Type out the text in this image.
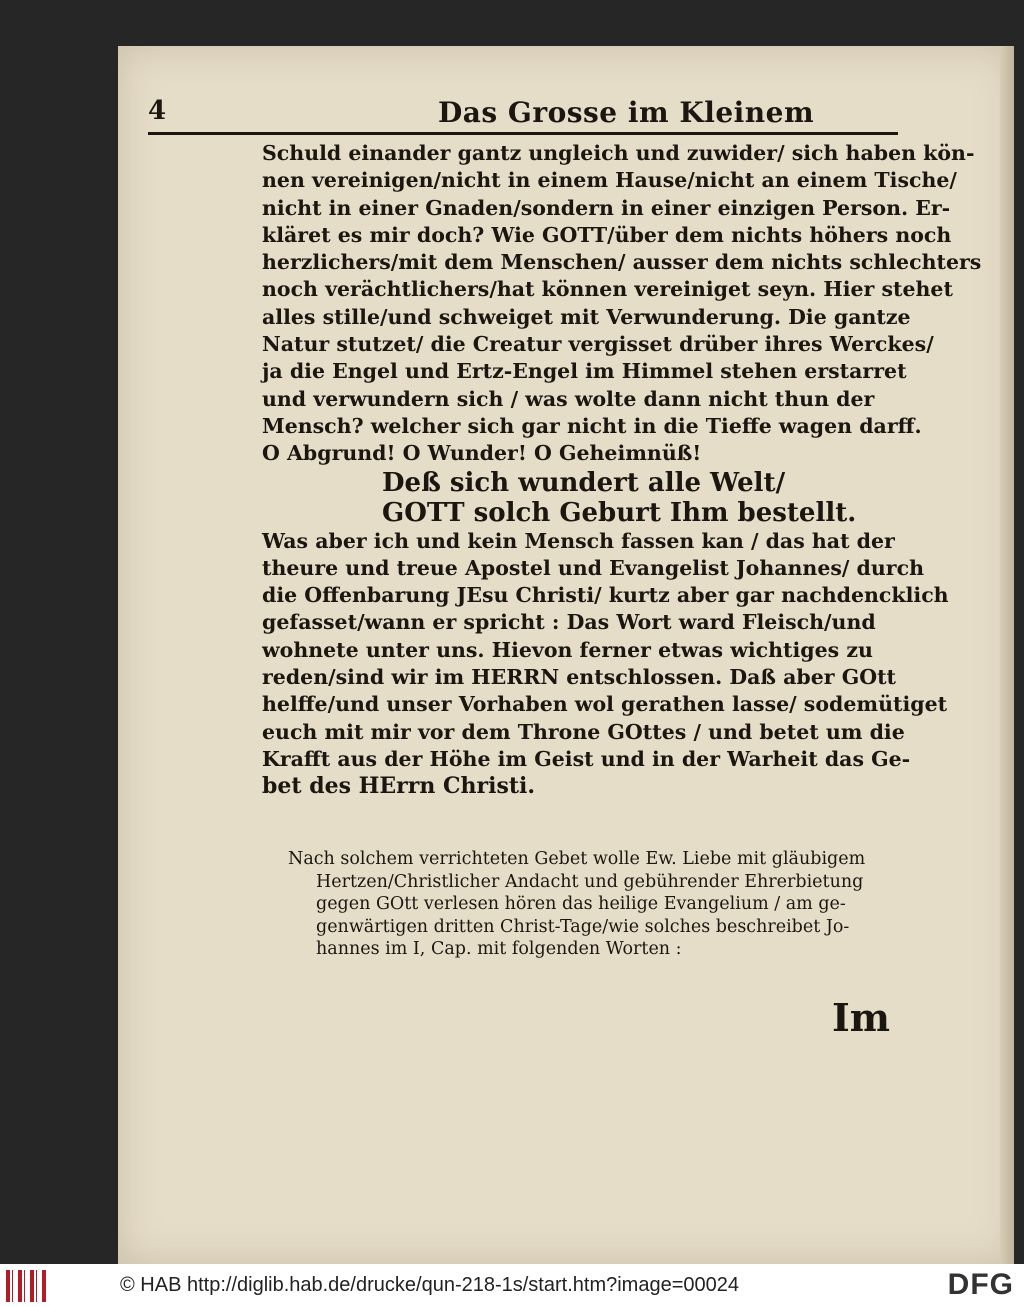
4	Das Grosse im Kleinem
Schuld einander gantz ungleich und zuwider/ sich haben kön-
nen vereinigen/nicht in einem Hause/nicht an einem Tische/
nicht in einer Gnaden/sondern in einer einzigen Person. Er-
kläret es mir doch? Wie GOTT/über dem nichts höhers noch
herzlichers/mit dem Menschen/ ausser dem nichts schlechters
noch verächtlichers/hat können vereiniget seyn. Hier stehet
alles stille/und schweiget mit Verwunderung. Die gantze
Natur stutzet/ die Creatur vergisset drüber ihres Werckes/
ja die Engel und Ertz-Engel im Himmel stehen erstarret
und verwundern sich / was wolte dann nicht thun der
Mensch? welcher sich gar nicht in die Tieffe wagen darff.
O Abgrund! O Wunder! O Geheimnüß!
Deß sich wundert alle Welt/
GOTT solch Geburt Ihm bestellt.
Was aber ich und kein Mensch fassen kan / das hat der
theure und treue Apostel und Evangelist Johannes/ durch
die Offenbarung JEsu Christi/ kurtz aber gar nachdencklich
gefasset/wann er spricht : Das Wort ward Fleisch/und
wohnete unter uns. Hievon ferner etwas wichtiges zu
reden/sind wir im HERRN entschlossen. Daß aber GOtt
helffe/und unser Vorhaben wol gerathen lasse/ sodemütiget
euch mit mir vor dem Throne GOttes / und betet um die
Krafft aus der Höhe im Geist und in der Warheit das Ge-
bet des HErrn Christi.
Nach solchem verrichteten Gebet wolle Ew. Liebe mit gläubigem
Hertzen/Christlicher Andacht und gebührender Ehrerbietung
gegen GOtt verlesen hören das heilige Evangelium / am ge-
genwärtigen dritten Christ-Tage/wie solches beschreibet Jo-
hannes im I, Cap. mit folgenden Worten :
Im
© HAB http://diglib.hab.de/drucke/qun-218-1s/start.htm?image=00024	DFG
